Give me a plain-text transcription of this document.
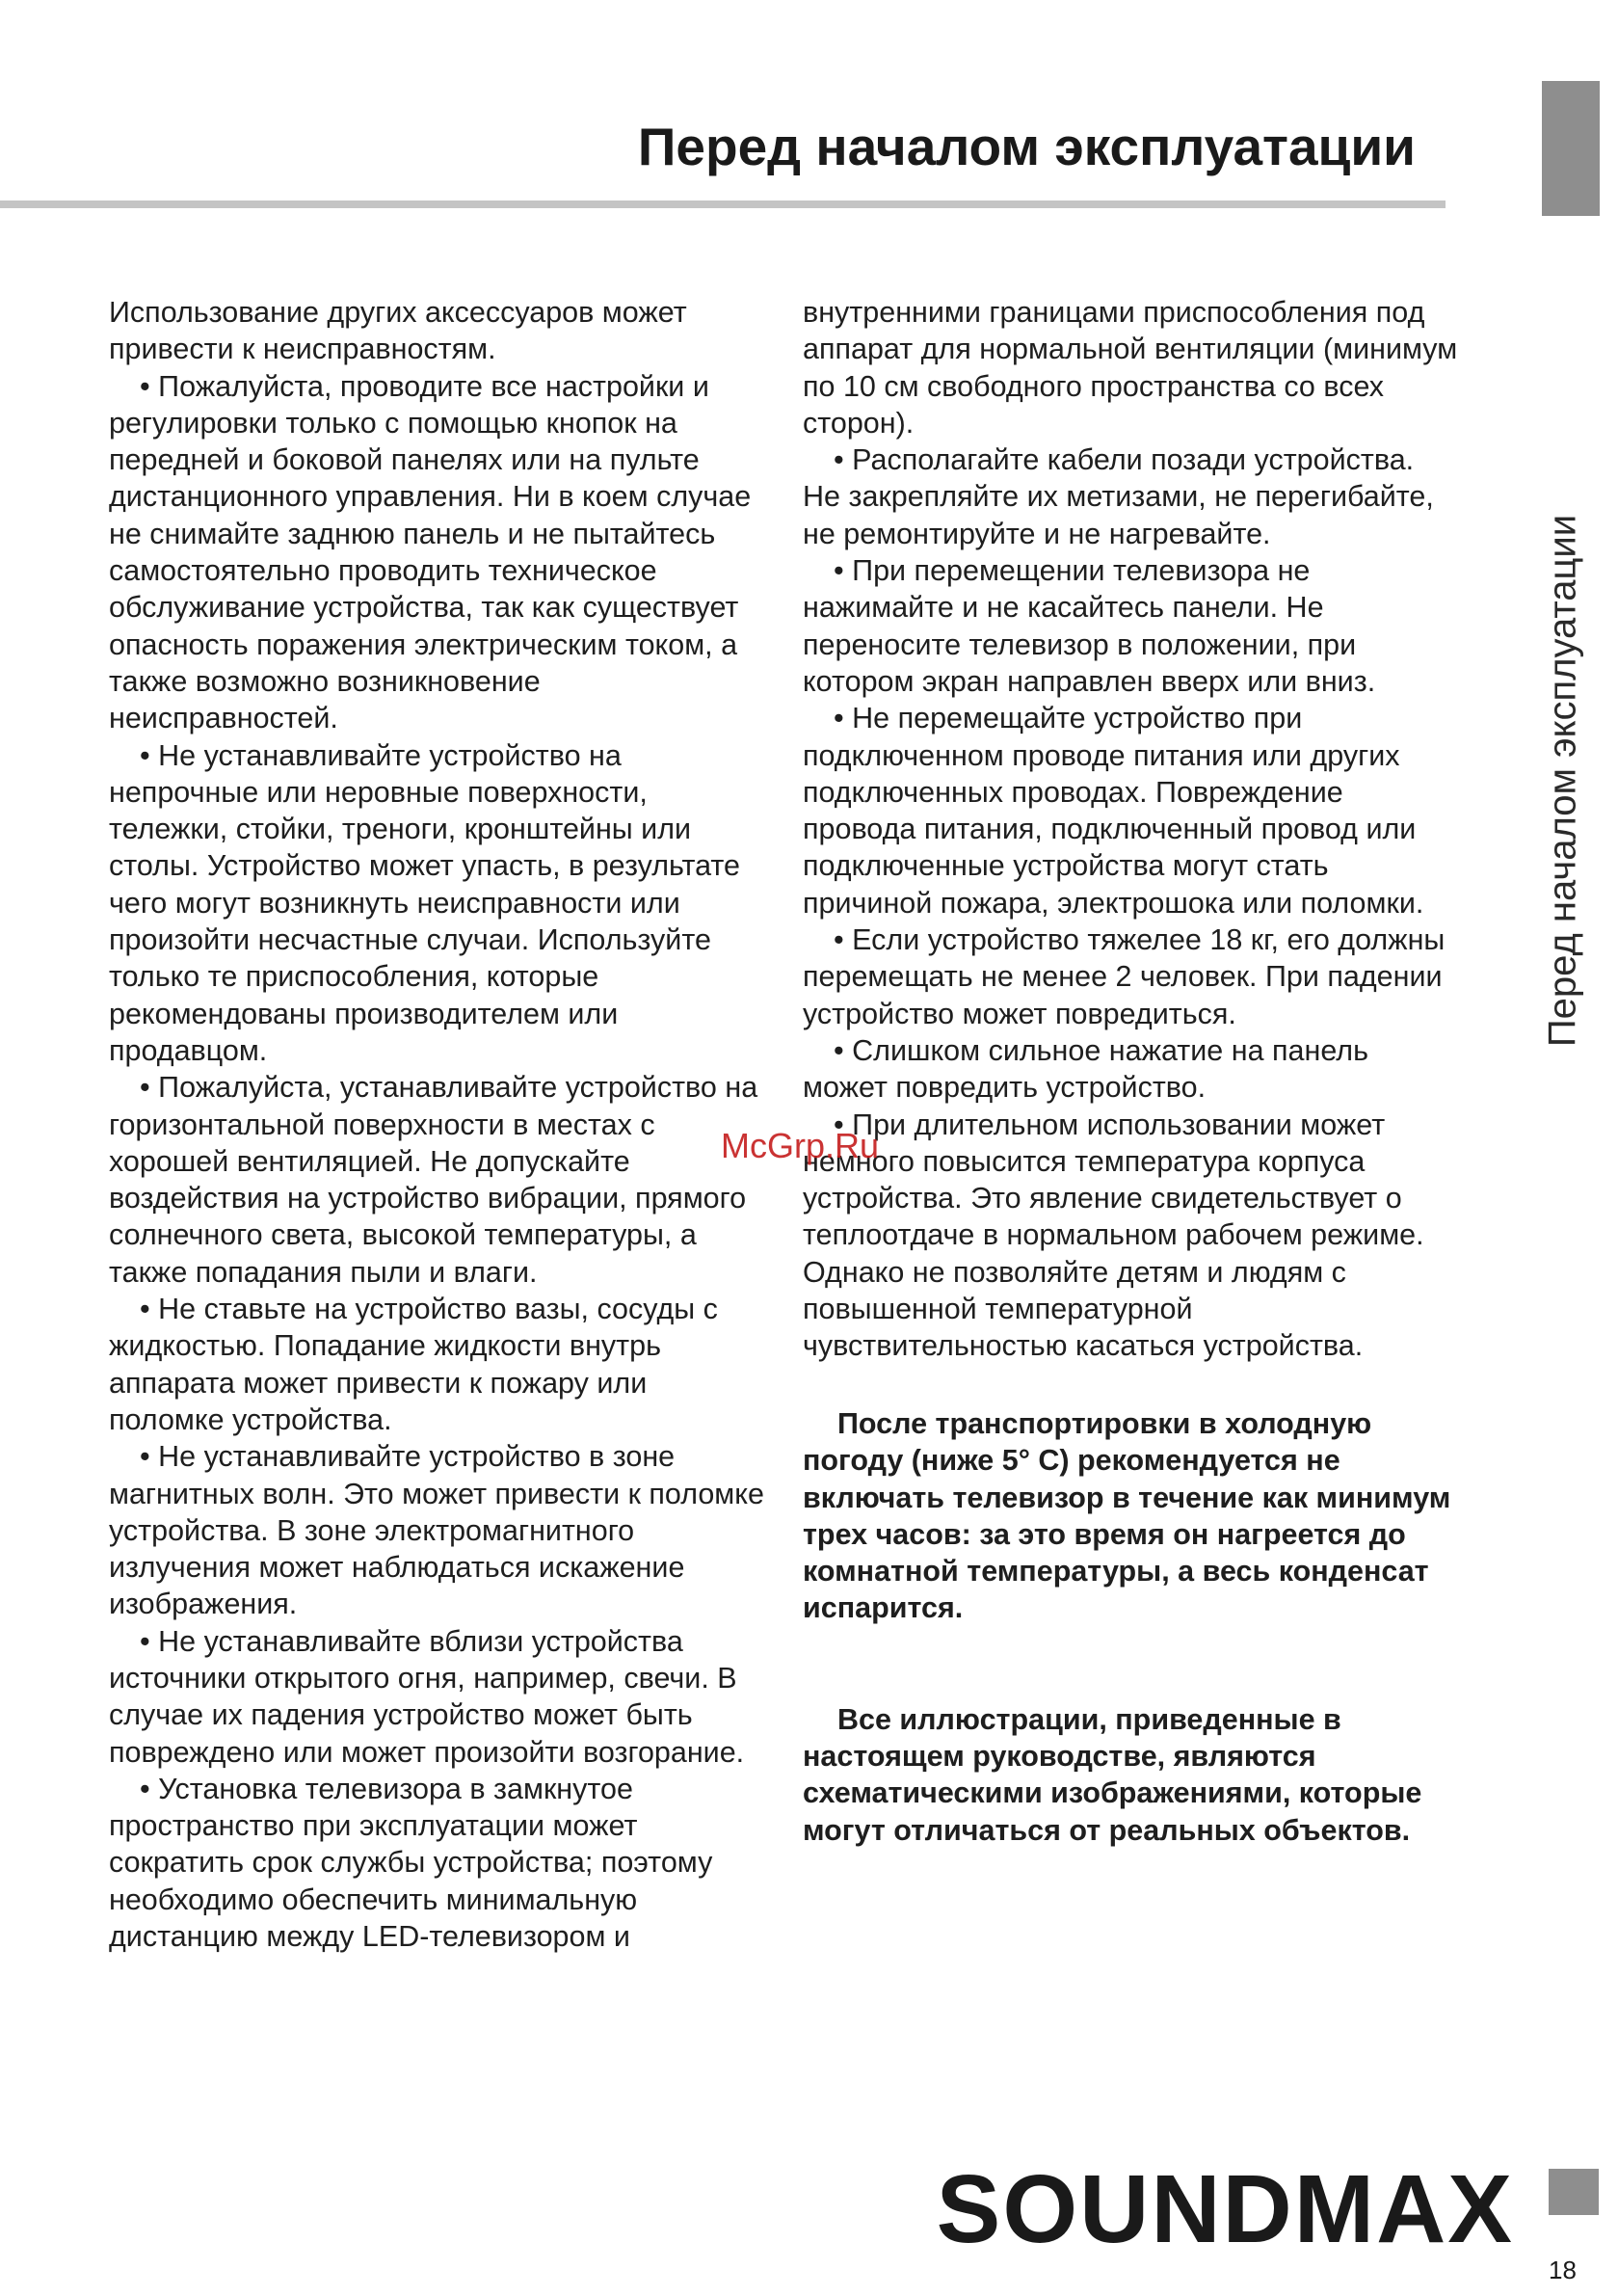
Перед началом эксплуатации
Перед началом эксплуатации

Использование других аксессуаров может привести к неисправностям.

• Пожалуйста, проводите все настройки и регулировки только с помощью кнопок на передней и боковой панелях или на пульте дистанционного управления. Ни в коем случае не снимайте заднюю панель и не пытайтесь самостоятельно проводить техническое обслуживание устройства, так как существует опасность поражения электрическим током, а также возможно возникновение неисправностей.

• Не устанавливайте устройство на непрочные или неровные поверхности, тележки, стойки, треноги, кронштейны или столы. Устройство может упасть, в результате чего могут возникнуть неисправности или произойти несчастные случаи. Используйте только те приспособления, которые рекомендованы производителем или продавцом.

• Пожалуйста, устанавливайте устройство на горизонтальной поверхности в местах с хорошей вентиляцией. Не допускайте воздействия на устройство вибрации, прямого солнечного света, высокой температуры, а также попадания пыли и влаги.

• Не ставьте на устройство вазы, сосуды с жидкостью. Попадание жидкости внутрь аппарата может привести к пожару или поломке устройства.

• Не устанавливайте устройство в зоне магнитных волн. Это может привести к поломке устройства. В зоне электромагнитного излучения может наблюдаться искажение изображения.

• Не устанавливайте вблизи устройства источники открытого огня, например, свечи. В случае их падения устройство может быть повреждено или может произойти возгорание.

• Установка телевизора в замкнутое пространство при эксплуатации может сократить срок службы устройства; поэтому необходимо обеспечить минимальную дистанцию между LED-телевизором и

внутренними границами приспособления под аппарат для нормальной вентиляции (минимум по 10 см свободного пространства со всех сторон).

• Располагайте кабели позади устройства. Не закрепляйте их метизами, не перегибайте, не ремонтируйте и не нагревайте.

• При перемещении телевизора не нажимайте и не касайтесь панели. Не переносите телевизор в положении, при котором экран направлен вверх или вниз.

• Не перемещайте устройство при подключенном проводе питания или других подключенных проводах. Повреждение провода питания, подключенный провод или подключенные устройства могут стать причиной пожара, электрошока или поломки.

• Если устройство тяжелее 18 кг, его должны перемещать не менее 2 человек. При падении устройство может повредиться.

• Слишком сильное нажатие на панель может повредить устройство.

• При длительном использовании может немного повысится температура корпуса устройства. Это явление свидетельствует о теплоотдаче в нормальном рабочем режиме. Однако не позволяйте детям и людям с повышенной температурной чувствительностью касаться устройства.

После транспортировки в холодную погоду (ниже 5° С) рекомендуется не включать телевизор в течение как минимум трех часов: за это время он нагреется до комнатной температуры, а весь конденсат испарится.

Все иллюстрации, приведенные в настоящем руководстве, являются схематическими изображениями, которые могут отличаться от реальных объектов.

McGrp.Ru
SOUNDMAX
18
